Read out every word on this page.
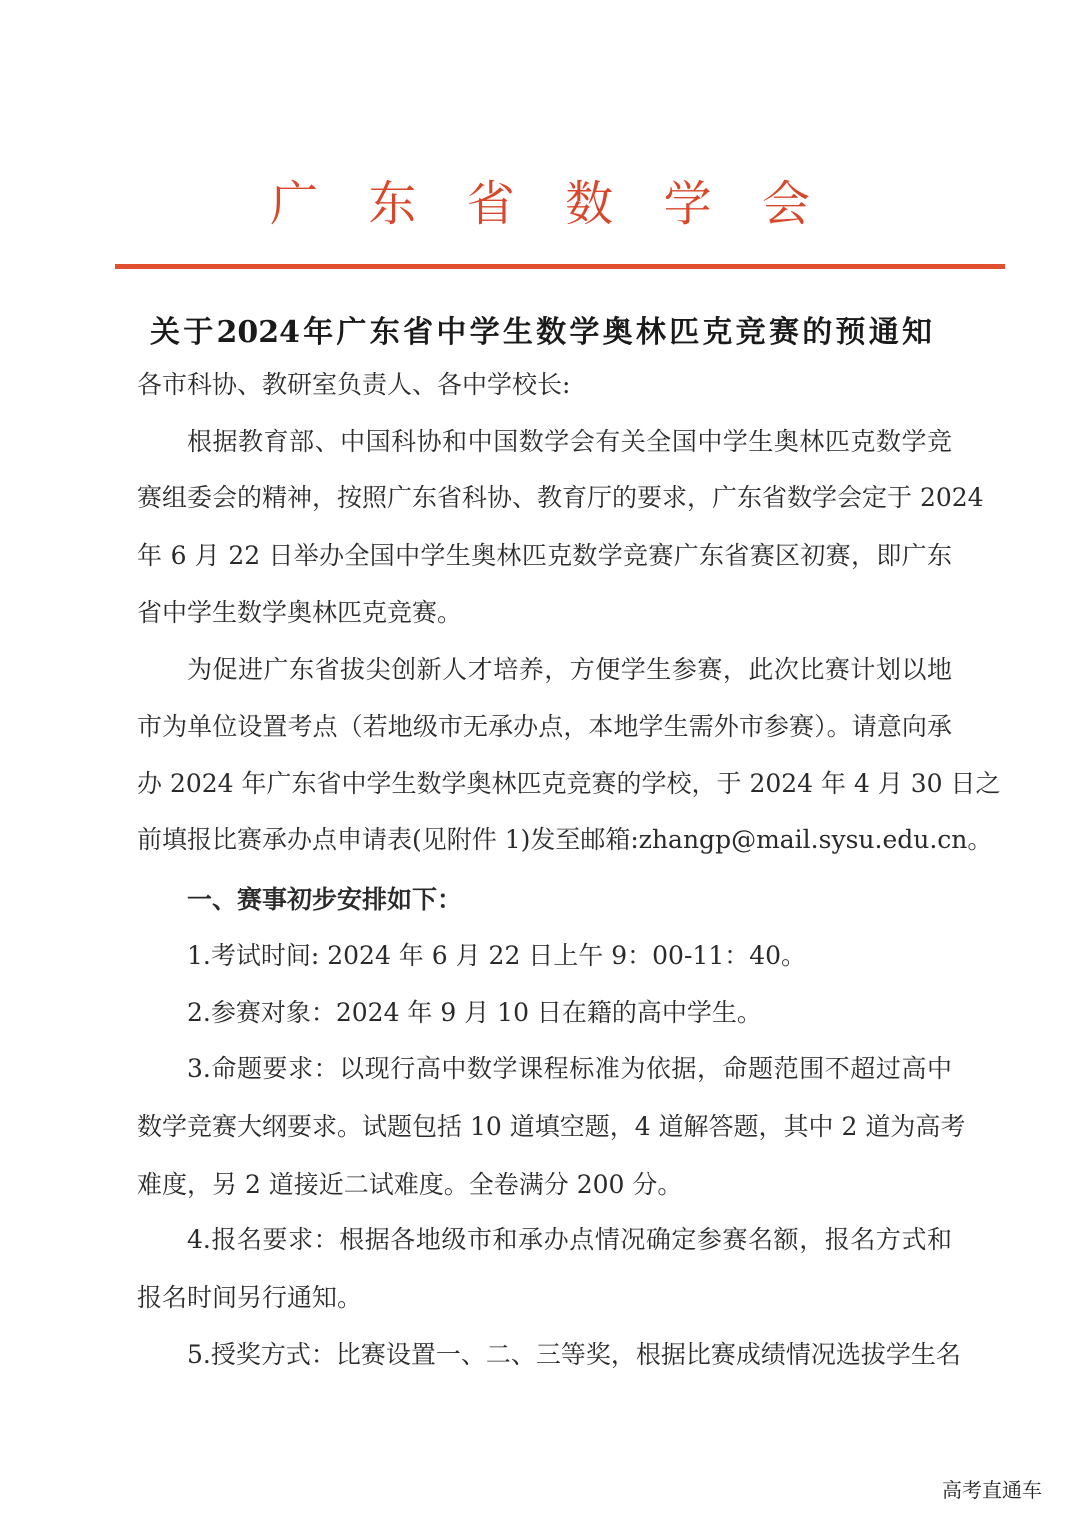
广 东 省 数 学 会
关于2024年广东省中学生数学奥林匹克竞赛的预通知
各市科协、教研室负责人、各中学校长:
根据教育部、中国科协和中国数学会有关全国中学生奥林匹克数学竞
赛组委会的精神，按照广东省科协、教育厅的要求，广东省数学会定于 2024
年 6 月 22 日举办全国中学生奥林匹克数学竞赛广东省赛区初赛，即广东
省中学生数学奥林匹克竞赛。
为促进广东省拔尖创新人才培养，方便学生参赛，此次比赛计划以地
市为单位设置考点（若地级市无承办点，本地学生需外市参赛）。请意向承
办 2024 年广东省中学生数学奥林匹克竞赛的学校，于 2024 年 4 月 30 日之
前填报比赛承办点申请表(见附件 1)发至邮箱:zhangp@mail.sysu.edu.cn。
一、赛事初步安排如下：
1.考试时间: 2024 年 6 月 22 日上午 9：00-11：40。
2.参赛对象：2024 年 9 月 10 日在籍的高中学生。
3.命题要求：以现行高中数学课程标准为依据，命题范围不超过高中
数学竞赛大纲要求。试题包括 10 道填空题，4 道解答题，其中 2 道为高考
难度，另 2 道接近二试难度。全卷满分 200 分。
4.报名要求：根据各地级市和承办点情况确定参赛名额，报名方式和
报名时间另行通知。
5.授奖方式：比赛设置一、二、三等奖，根据比赛成绩情况选拔学生名
高考直通车
